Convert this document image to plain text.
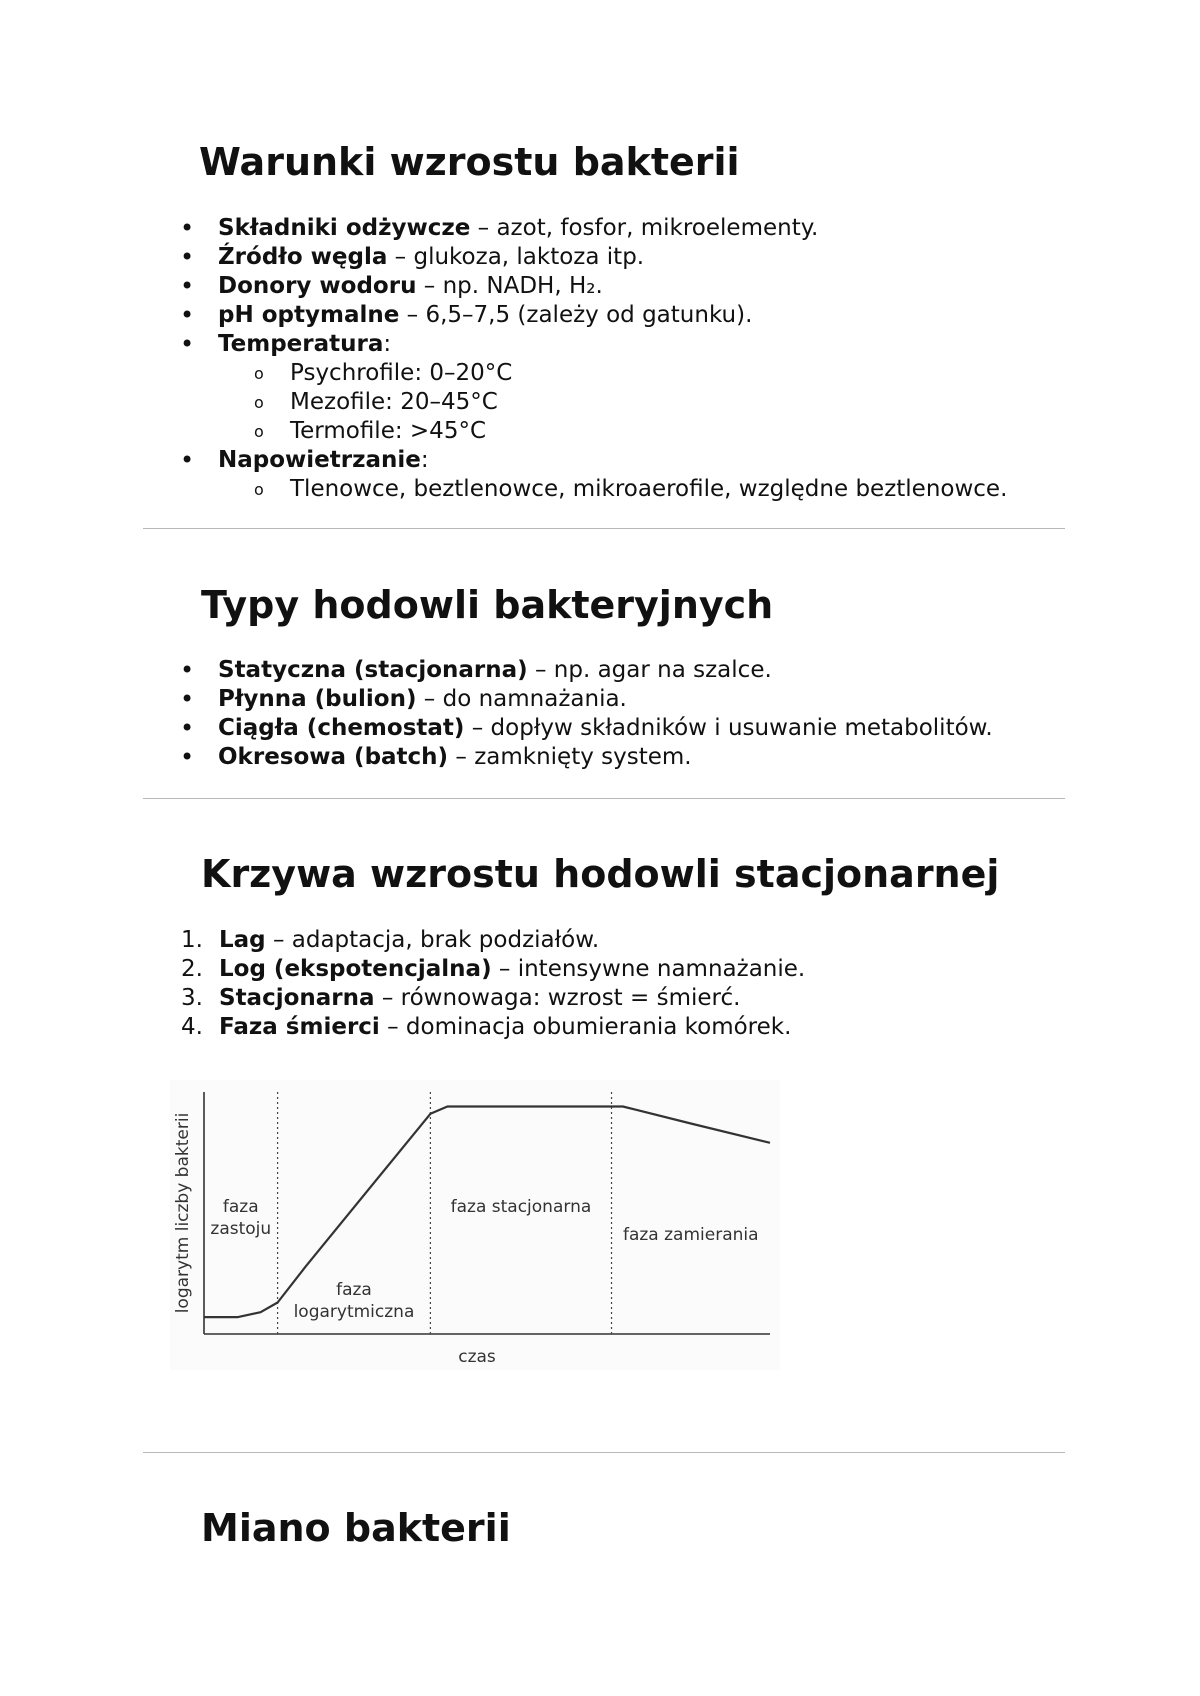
Warunki wzrostu bakterii
•
Składniki odżywcze – azot, fosfor, mikroelementy.
•
Źródło węgla – glukoza, laktoza itp.
•
Donory wodoru – np. NADH, H₂.
•
pH optymalne – 6,5–7,5 (zależy od gatunku).
•
Temperatura:
o
Psychrofile: 0–20°C
o
Mezofile: 20–45°C
o
Termofile: >45°C
•
Napowietrzanie:
o
Tlenowce, beztlenowce, mikroaerofile, względne beztlenowce.
Typy hodowli bakteryjnych
•
Statyczna (stacjonarna) – np. agar na szalce.
•
Płynna (bulion) – do namnażania.
•
Ciągła (chemostat) – dopływ składników i usuwanie metabolitów.
•
Okresowa (batch) – zamknięty system.
Krzywa wzrostu hodowli stacjonarnej
1. Lag – adaptacja, brak podziałów.
2. Log (ekspotencjalna) – intensywne namnażanie.
3. Stacjonarna – równowaga: wzrost = śmierć.
4. Faza śmierci – dominacja obumierania komórek.
faza
zastoju
faza
logarytmiczna
faza stacjonarna
faza zamierania
czas
logarytm liczby bakterii
Miano bakterii
